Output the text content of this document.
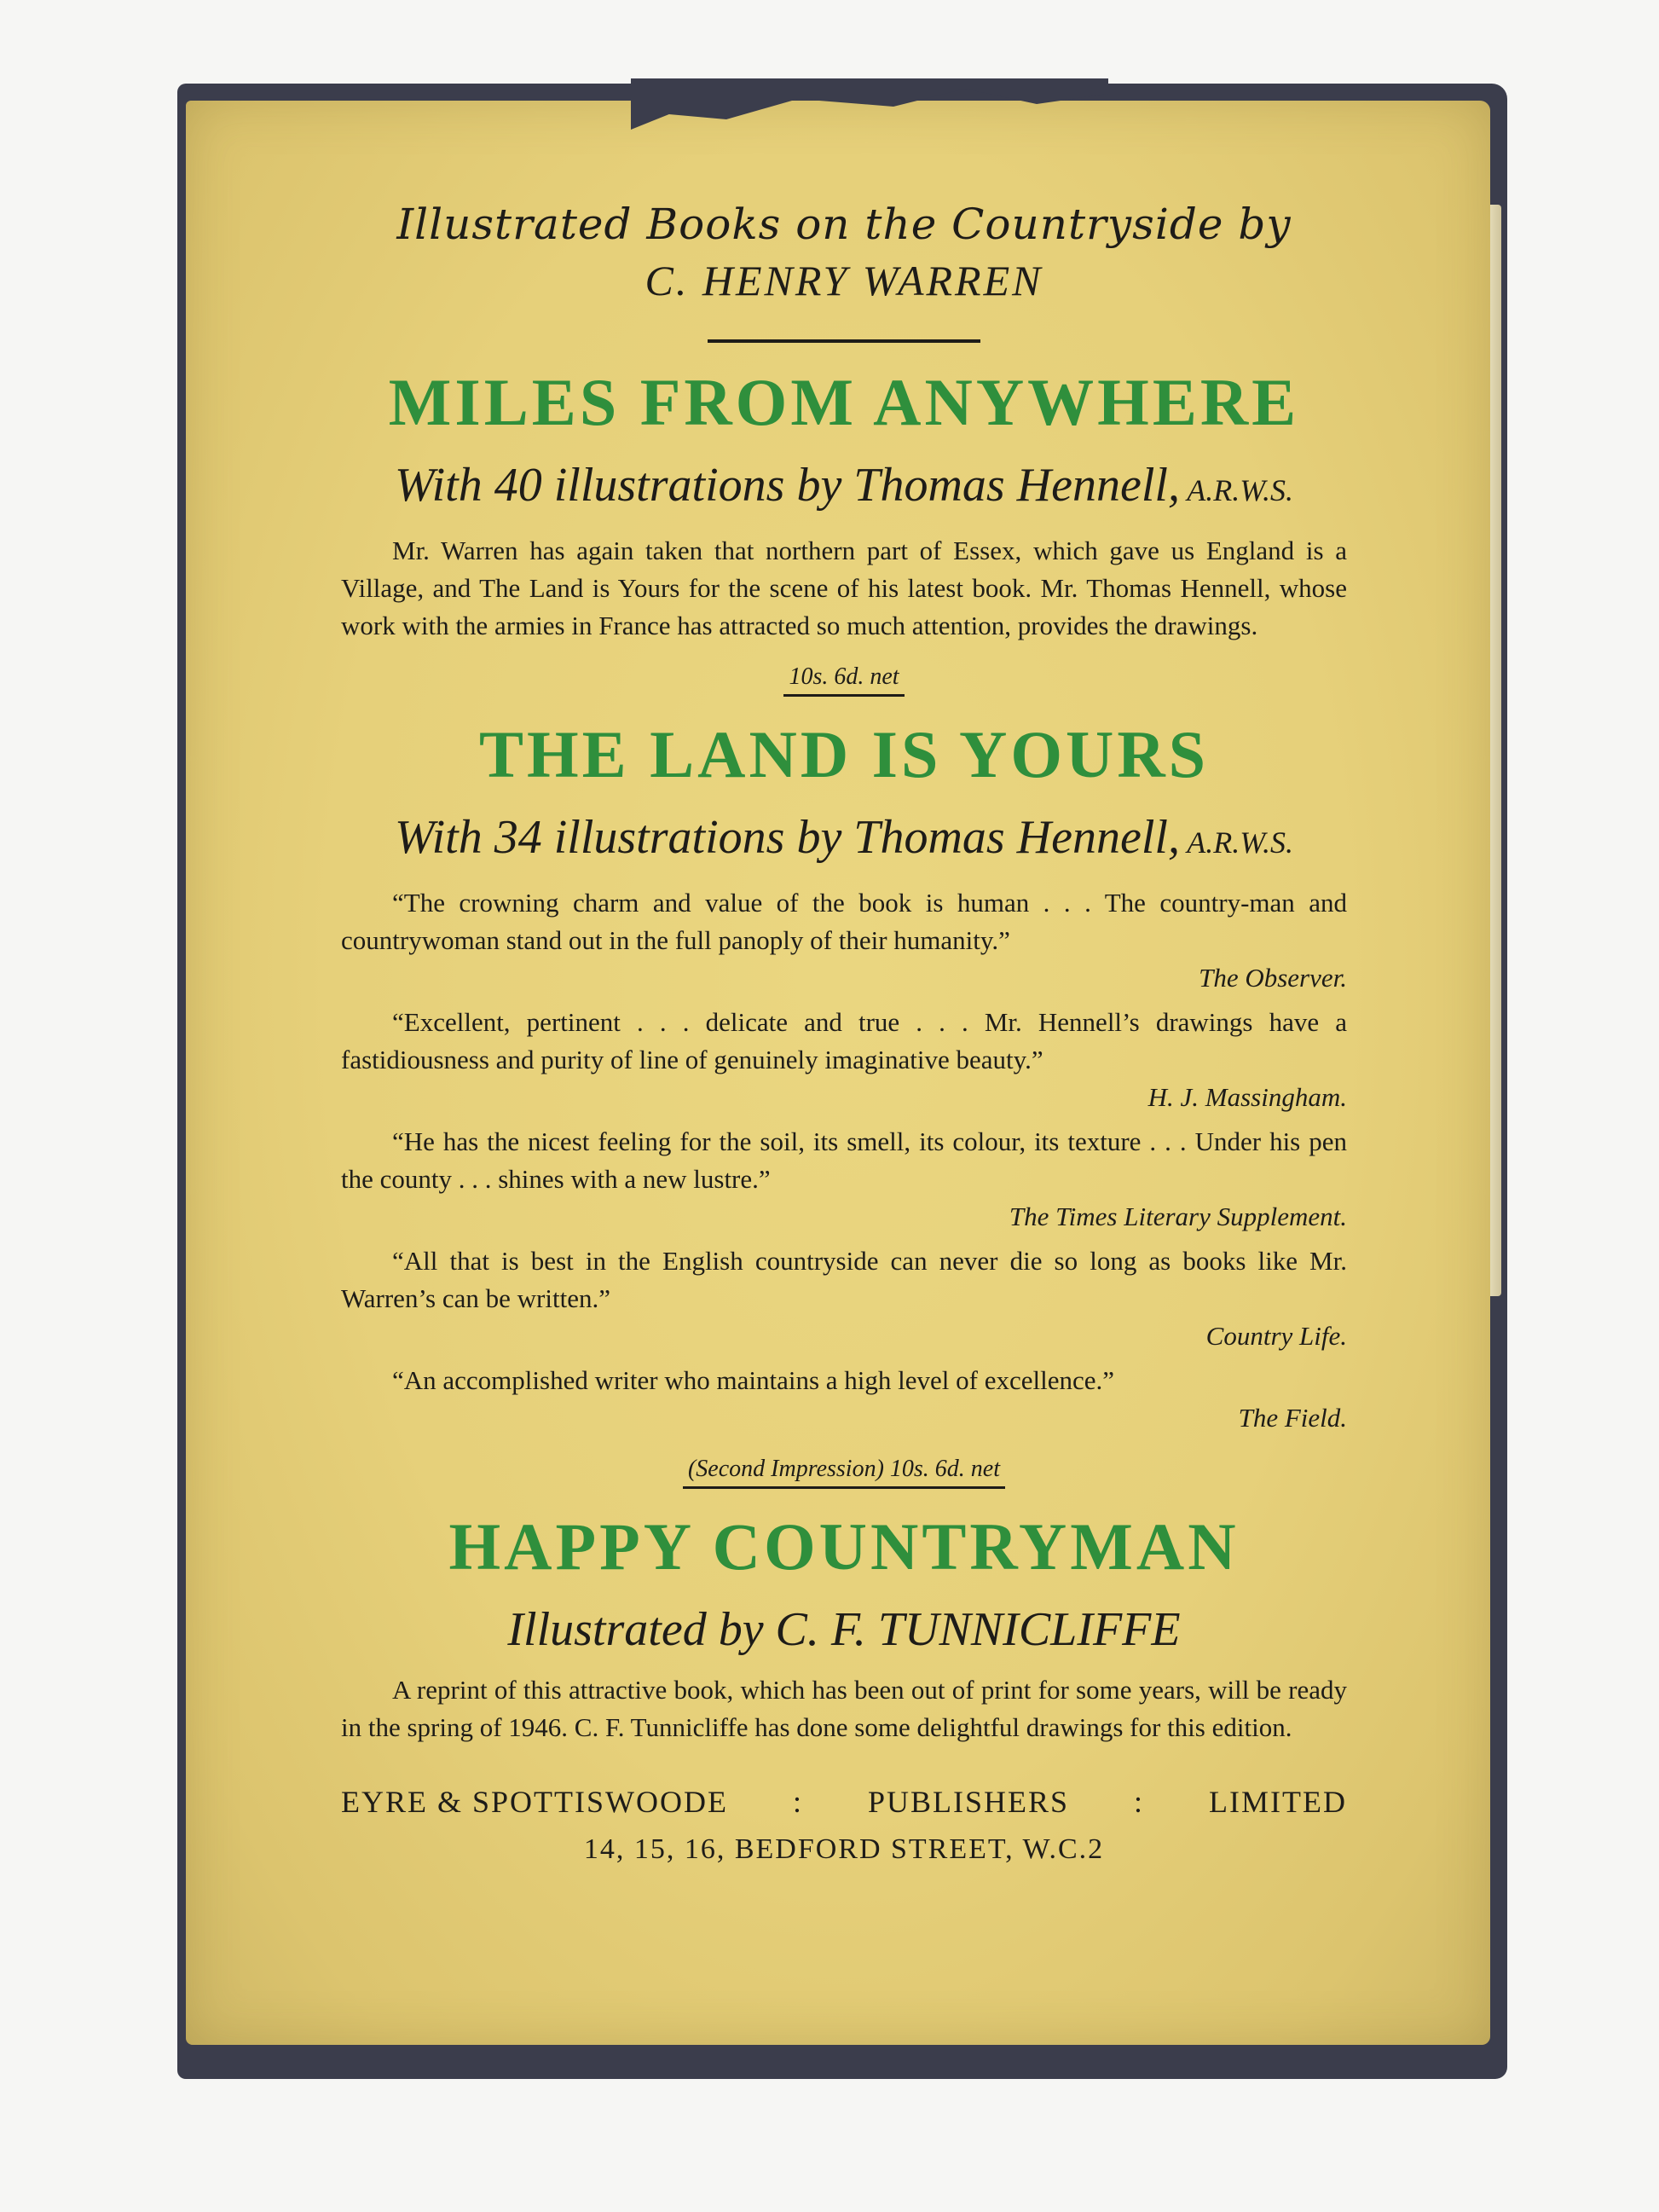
Illustrated Books on the Countryside by

C. HENRY WARREN

MILES FROM ANYWHERE
With 40 illustrations by Thomas Hennell, A.R.W.S.

Mr. Warren has again taken that northern part of Essex, which gave us England is a Village, and The Land is Yours for the scene of his latest book. Mr. Thomas Hennell, whose work with the armies in France has attracted so much attention, provides the drawings.

10s. 6d. net
THE LAND IS YOURS
With 34 illustrations by Thomas Hennell, A.R.W.S.

“The crowning charm and value of the book is human . . . The country-man and countrywoman stand out in the full panoply of their humanity.”

The Observer.

“Excellent, pertinent . . . delicate and true . . . Mr. Hennell’s drawings have a fastidiousness and purity of line of genuinely imaginative beauty.”

H. J. Massingham.

“He has the nicest feeling for the soil, its smell, its colour, its texture . . . Under his pen the county . . . shines with a new lustre.”

The Times Literary Supplement.

“All that is best in the English countryside can never die so long as books like Mr. Warren’s can be written.”

Country Life.

“An accomplished writer who maintains a high level of excellence.”

The Field.

(Second Impression) 10s. 6d. net
HAPPY COUNTRYMAN
Illustrated by C. F. TUNNICLIFFE

A reprint of this attractive book, which has been out of print for some years, will be ready in the spring of 1946. C. F. Tunnicliffe has done some delightful drawings for this edition.

EYRE & SPOTTISWOODE : PUBLISHERS : LIMITED
14, 15, 16, BEDFORD STREET, W.C.2
